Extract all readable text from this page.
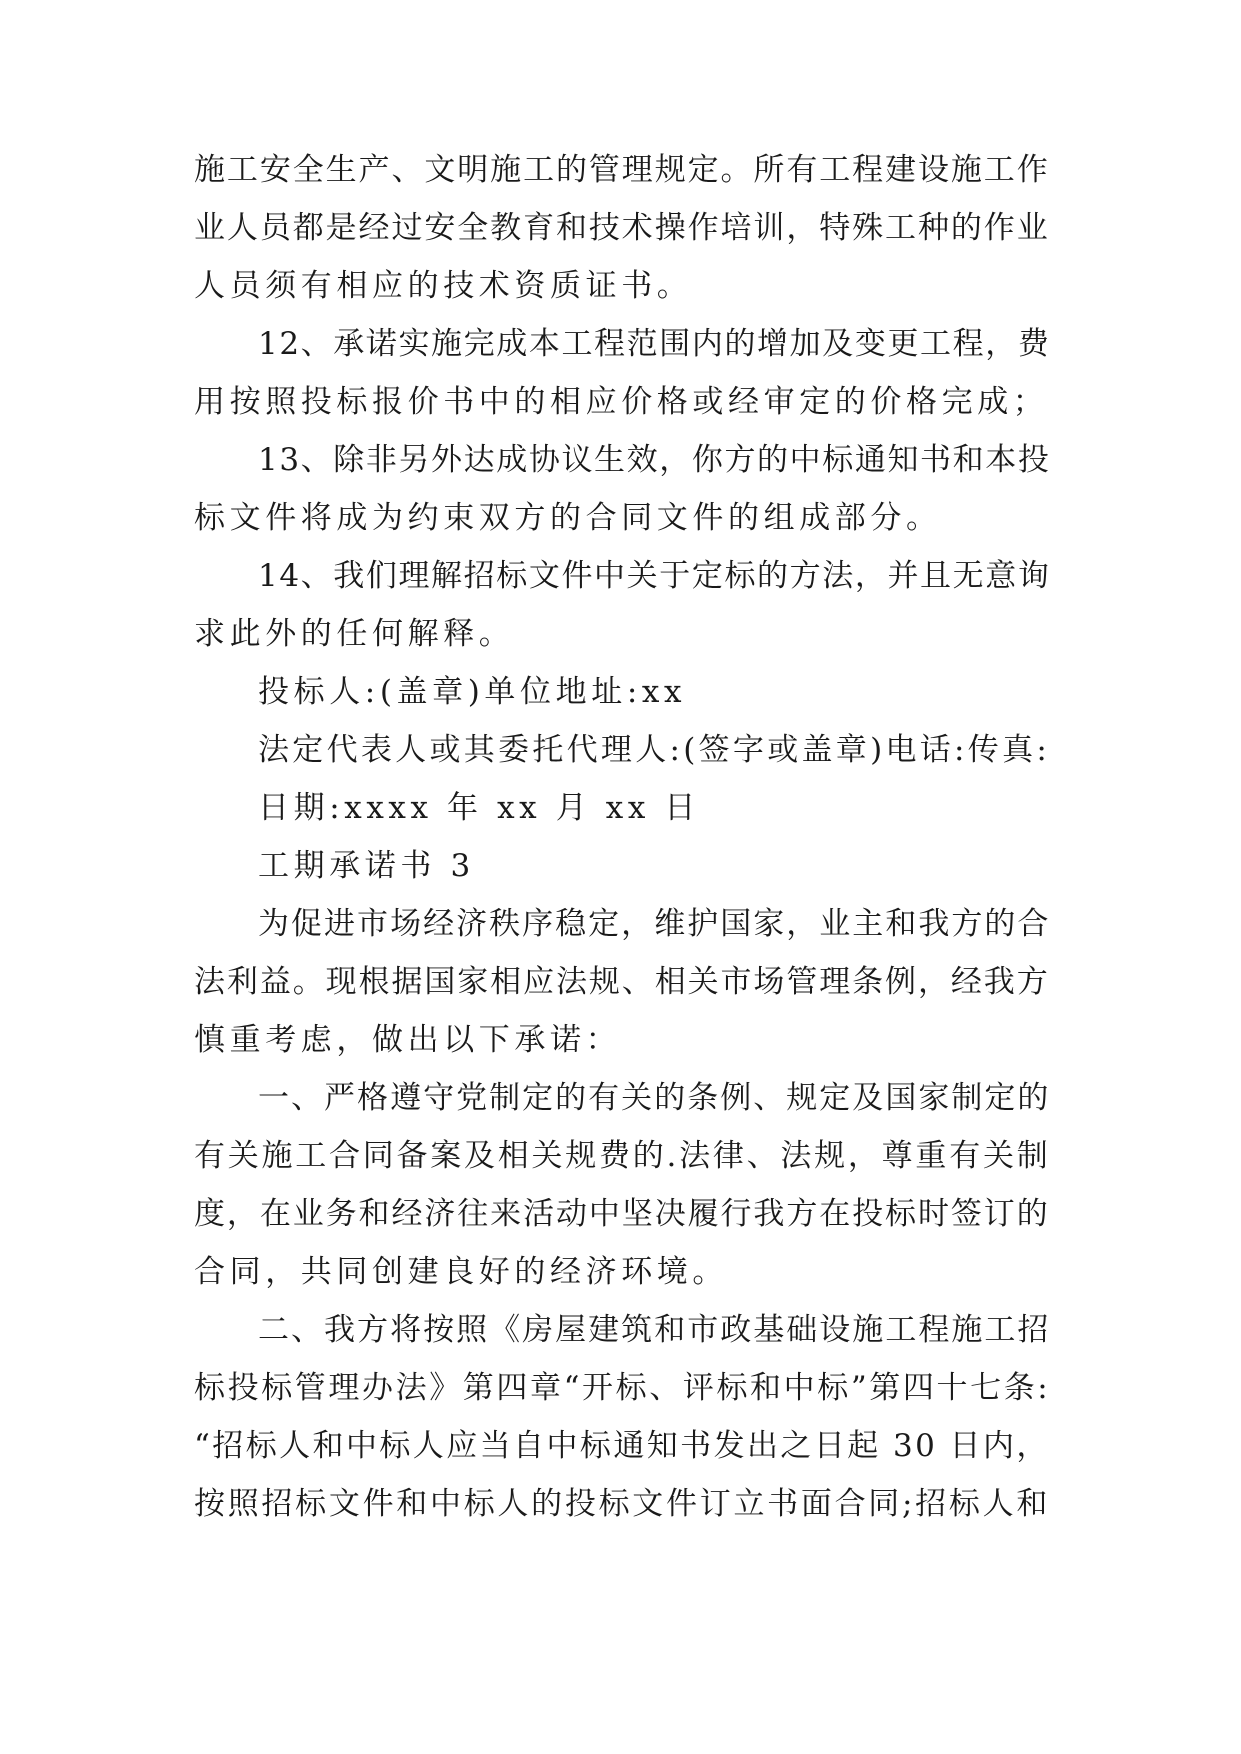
施工安全生产、文明施工的管理规定。所有工程建设施工作
业人员都是经过安全教育和技术操作培训，特殊工种的作业
人员须有相应的技术资质证书。
12、承诺实施完成本工程范围内的增加及变更工程，费
用按照投标报价书中的相应价格或经审定的价格完成；
13、除非另外达成协议生效，你方的中标通知书和本投
标文件将成为约束双方的合同文件的组成部分。
14、我们理解招标文件中关于定标的方法，并且无意询
求此外的任何解释。
投标人:(盖章)单位地址:xx
法定代表人或其委托代理人:(签字或盖章)电话:传真:
日期:xxxx 年 xx 月 xx 日
工期承诺书 3
为促进市场经济秩序稳定，维护国家，业主和我方的合
法利益。现根据国家相应法规、相关市场管理条例，经我方
慎重考虑，做出以下承诺：
一、严格遵守党制定的有关的条例、规定及国家制定的
有关施工合同备案及相关规费的.法律、法规，尊重有关制
度，在业务和经济往来活动中坚决履行我方在投标时签订的
合同，共同创建良好的经济环境。
二、我方将按照《房屋建筑和市政基础设施工程施工招
标投标管理办法》第四章“开标、评标和中标”第四十七条:
“招标人和中标人应当自中标通知书发出之日起 30 日内，
按照招标文件和中标人的投标文件订立书面合同;招标人和
